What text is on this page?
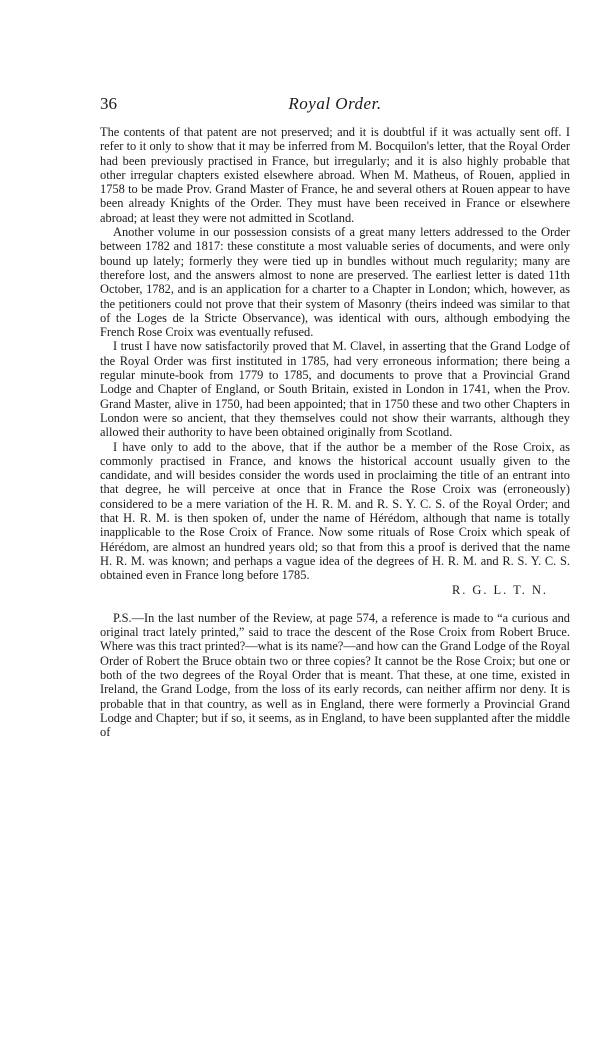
36	Royal Order.

The contents of that patent are not preserved; and it is doubtful if it was actually sent off. I refer to it only to show that it may be inferred from M. Bocquilon's letter, that the Royal Order had been previously practised in France, but irregularly; and it is also highly probable that other irregular chapters existed elsewhere abroad. When M. Matheus, of Rouen, applied in 1758 to be made Prov. Grand Master of France, he and several others at Rouen appear to have been already Knights of the Order. They must have been received in France or elsewhere abroad; at least they were not admitted in Scotland.

Another volume in our possession consists of a great many letters addressed to the Order between 1782 and 1817: these constitute a most valuable series of documents, and were only bound up lately; formerly they were tied up in bundles without much regularity; many are therefore lost, and the answers almost to none are preserved. The earliest letter is dated 11th October, 1782, and is an application for a charter to a Chapter in London; which, however, as the petitioners could not prove that their system of Masonry (theirs indeed was similar to that of the Loges de la Stricte Observance), was identical with ours, although embodying the French Rose Croix was eventually refused.

I trust I have now satisfactorily proved that M. Clavel, in asserting that the Grand Lodge of the Royal Order was first instituted in 1785, had very erroneous information; there being a regular minute-book from 1779 to 1785, and documents to prove that a Provincial Grand Lodge and Chapter of England, or South Britain, existed in London in 1741, when the Prov. Grand Master, alive in 1750, had been appointed; that in 1750 these and two other Chapters in London were so ancient, that they themselves could not show their warrants, although they allowed their authority to have been obtained originally from Scotland.

I have only to add to the above, that if the author be a member of the Rose Croix, as commonly practised in France, and knows the historical account usually given to the candidate, and will besides consider the words used in proclaiming the title of an entrant into that degree, he will perceive at once that in France the Rose Croix was (erroneously) considered to be a mere variation of the H. R. M. and R. S. Y. C. S. of the Royal Order; and that H. R. M. is then spoken of, under the name of Hérédom, although that name is totally inapplicable to the Rose Croix of France. Now some rituals of Rose Croix which speak of Hérédom, are almost an hundred years old; so that from this a proof is derived that the name H. R. M. was known; and perhaps a vague idea of the degrees of H. R. M. and R. S. Y. C. S. obtained even in France long before 1785.

R. G. L. T. N.

P.S.—In the last number of the Review, at page 574, a reference is made to “a curious and original tract lately printed,” said to trace the descent of the Rose Croix from Robert Bruce. Where was this tract printed?—what is its name?—and how can the Grand Lodge of the Royal Order of Robert the Bruce obtain two or three copies? It cannot be the Rose Croix; but one or both of the two degrees of the Royal Order that is meant. That these, at one time, existed in Ireland, the Grand Lodge, from the loss of its early records, can neither affirm nor deny. It is probable that in that country, as well as in England, there were formerly a Provincial Grand Lodge and Chapter; but if so, it seems, as in England, to have been supplanted after the middle of
